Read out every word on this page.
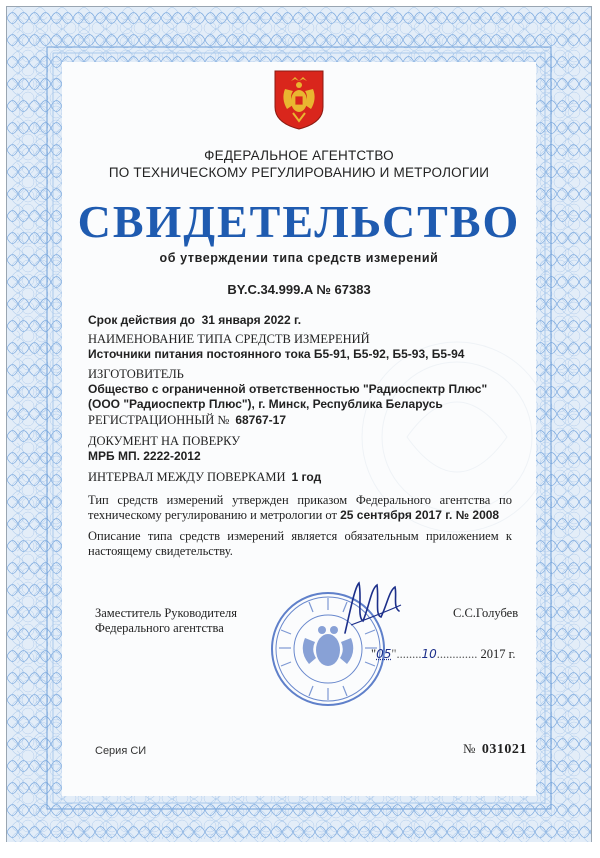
ФЕДЕРАЛЬНОЕ АГЕНТСТВО
ПО ТЕХНИЧЕСКОМУ РЕГУЛИРОВАНИЮ И МЕТРОЛОГИИ
СВИДЕТЕЛЬСТВО
об утверждении типа средств измерений
BY.C.34.999.A № 67383
Срок действия до 31 января 2022 г.
НАИМЕНОВАНИЕ ТИПА СРЕДСТВ ИЗМЕРЕНИЙ
Источники питания постоянного тока Б5-91, Б5-92, Б5-93, Б5-94
ИЗГОТОВИТЕЛЬ
Общество с ограниченной ответственностью "Радиоспектр Плюс"
(ООО "Радиоспектр Плюс"), г. Минск, Республика Беларусь
РЕГИСТРАЦИОННЫЙ № 68767-17
ДОКУМЕНТ НА ПОВЕРКУ
МРБ МП. 2222-2012
ИНТЕРВАЛ МЕЖДУ ПОВЕРКАМИ 1 год
Тип средств измерений утвержден приказом Федерального агентства по техническому регулированию и метрологии от 25 сентября 2017 г. № 2008
Описание типа средств измерений является обязательным приложением к настоящему свидетельству.
Заместитель Руководителя
Федерального агентства
С.С.Голубев
"05"........10............. 2017 г.
Серия СИ	№ 031021
